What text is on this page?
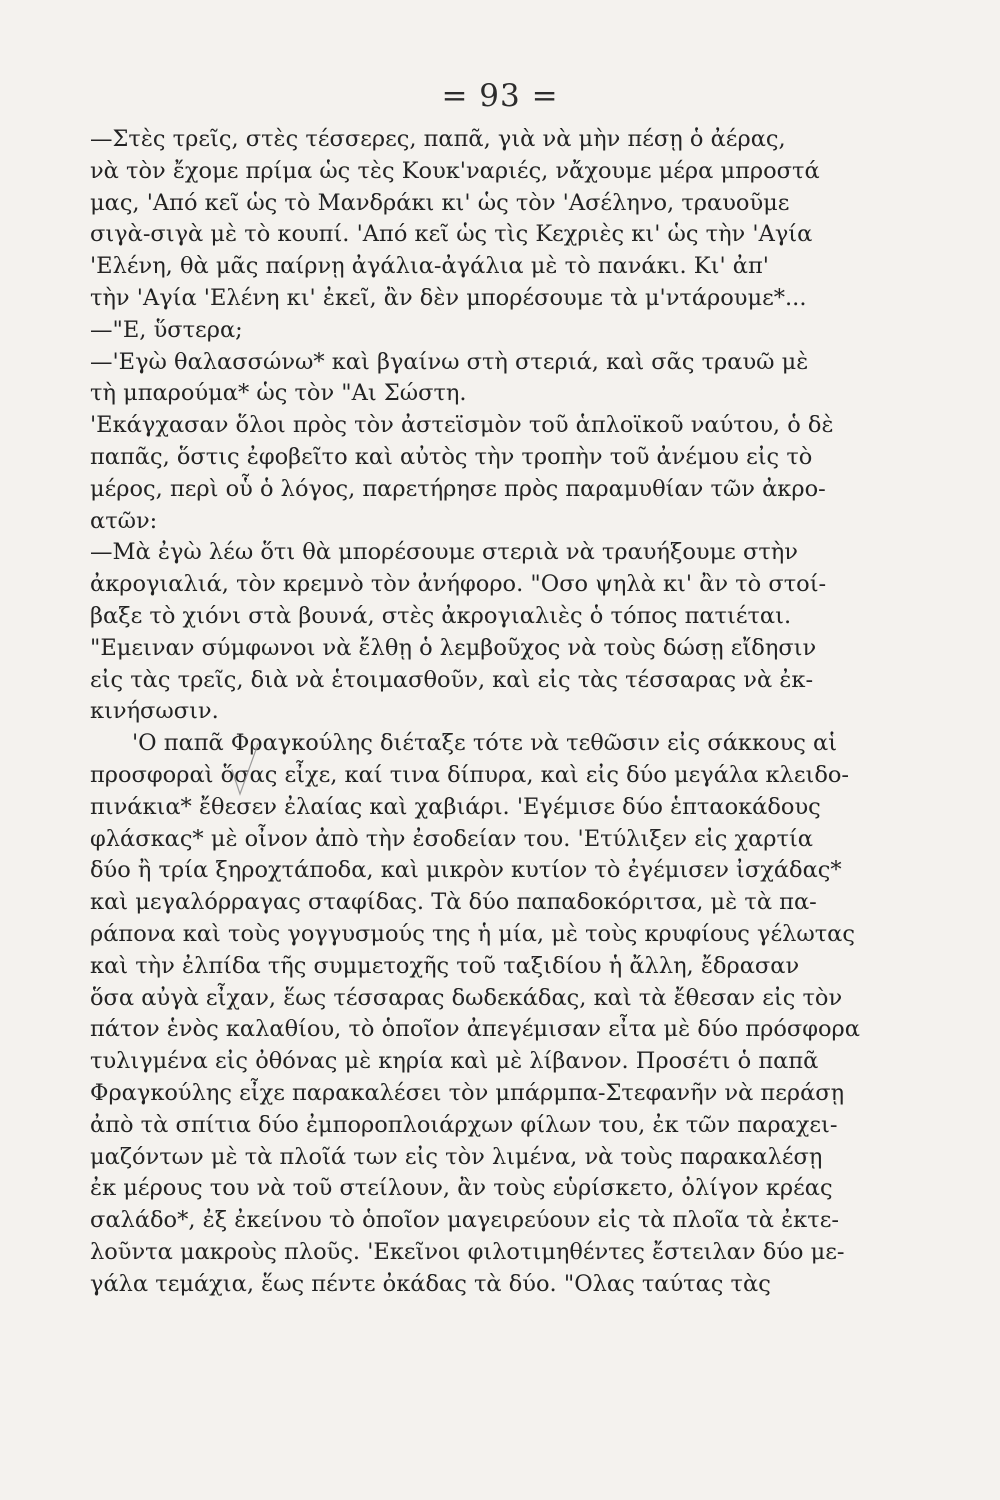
= 93 =
—Στὲς τρεῖς, στὲς τέσσερες, παπᾶ, γιὰ νὰ μὴν πέσῃ ὁ ἀέρας,
νὰ τὸν ἔχομε πρίμα ὡς τὲς Κουκ'ναριές, νἄχουμε μέρα μπροστά
μας, 'Από κεῖ ὡς τὸ Μανδράκι κι' ὡς τὸν 'Ασέληνο, τραυοῦμε
σιγὰ-σιγὰ μὲ τὸ κουπί. 'Από κεῖ ὡς τὶς Κεχριὲς κι' ὡς τὴν 'Αγία
'Ελένη, θὰ μᾶς παίρνῃ ἀγάλια-ἀγάλια μὲ τὸ πανάκι. Κι' ἀπ'
τὴν 'Αγία 'Ελένη κι' ἐκεῖ, ἂν δὲν μπορέσουμε τὰ μ'ντάρουμε*...
—"Ε, ὕστερα;
—'Εγὼ θαλασσώνω* καὶ βγαίνω στὴ στεριά, καὶ σᾶς τραυῶ μὲ
τὴ μπαρούμα* ὡς τὸν "Αι Σώστη.
'Εκάγχασαν ὅλοι πρὸς τὸν ἀστεϊσμὸν τοῦ ἁπλοϊκοῦ ναύτου, ὁ δὲ
παπᾶς, ὅστις ἐφοβεῖτο καὶ αὐτὸς τὴν τροπὴν τοῦ ἀνέμου εἰς τὸ
μέρος, περὶ οὗ ὁ λόγος, παρετήρησε πρὸς παραμυθίαν τῶν ἀκρο-
ατῶν:
—Μὰ ἐγὼ λέω ὅτι θὰ μπορέσουμε στεριὰ νὰ τραυήξουμε στὴν
ἀκρογιαλιά, τὸν κρεμνὸ τὸν ἀνήφορο. "Οσο ψηλὰ κι' ἂν τὸ στοί-
βαξε τὸ χιόνι στὰ βουνά, στὲς ἀκρογιαλιὲς ὁ τόπος πατιέται.
"Εμειναν σύμφωνοι νὰ ἔλθῃ ὁ λεμβοῦχος νὰ τοὺς δώσῃ εἴδησιν
εἰς τὰς τρεῖς, διὰ νὰ ἑτοιμασθοῦν, καὶ εἰς τὰς τέσσαρας νὰ ἐκ-
κινήσωσιν.
'Ο παπᾶ Φραγκούλης διέταξε τότε νὰ τεθῶσιν εἰς σάκκους αἱ
προσφοραὶ ὅσας εἶχε, καί τινα δίπυρα, καὶ εἰς δύο μεγάλα κλειδο-
πινάκια* ἔθεσεν ἐλαίας καὶ χαβιάρι. 'Εγέμισε δύο ἑπταοκάδους
φλάσκας* μὲ οἶνον ἀπὸ τὴν ἐσοδείαν του. 'Ετύλιξεν εἰς χαρτία
δύο ἢ τρία ξηροχτάποδα, καὶ μικρὸν κυτίον τὸ ἐγέμισεν ἰσχάδας*
καὶ μεγαλόρραγας σταφίδας. Τὰ δύο παπαδοκόριτσα, μὲ τὰ πα-
ράπονα καὶ τοὺς γογγυσμούς της ἡ μία, μὲ τοὺς κρυφίους γέλωτας
καὶ τὴν ἐλπίδα τῆς συμμετοχῆς τοῦ ταξιδίου ἡ ἄλλη, ἔδρασαν
ὅσα αὐγὰ εἶχαν, ἕως τέσσαρας δωδεκάδας, καὶ τὰ ἔθεσαν εἰς τὸν
πάτον ἑνὸς καλαθίου, τὸ ὁποῖον ἀπεγέμισαν εἶτα μὲ δύο πρόσφορα
τυλιγμένα εἰς ὀθόνας μὲ κηρία καὶ μὲ λίβανον. Προσέτι ὁ παπᾶ
Φραγκούλης εἶχε παρακαλέσει τὸν μπάρμπα-Στεφανῆν νὰ περάσῃ
ἀπὸ τὰ σπίτια δύο ἐμποροπλοιάρχων φίλων του, ἐκ τῶν παραχει-
μαζόντων μὲ τὰ πλοῖά των εἰς τὸν λιμένα, νὰ τοὺς παρακαλέσῃ
ἐκ μέρους του νὰ τοῦ στείλουν, ἂν τοὺς εὑρίσκετο, ὀλίγον κρέας
σαλάδο*, ἐξ ἐκείνου τὸ ὁποῖον μαγειρεύουν εἰς τὰ πλοῖα τὰ ἐκτε-
λοῦντα μακροὺς πλοῦς. 'Εκεῖνοι φιλοτιμηθέντες ἔστειλαν δύο με-
γάλα τεμάχια, ἕως πέντε ὀκάδας τὰ δύο. "Ολας ταύτας τὰς
